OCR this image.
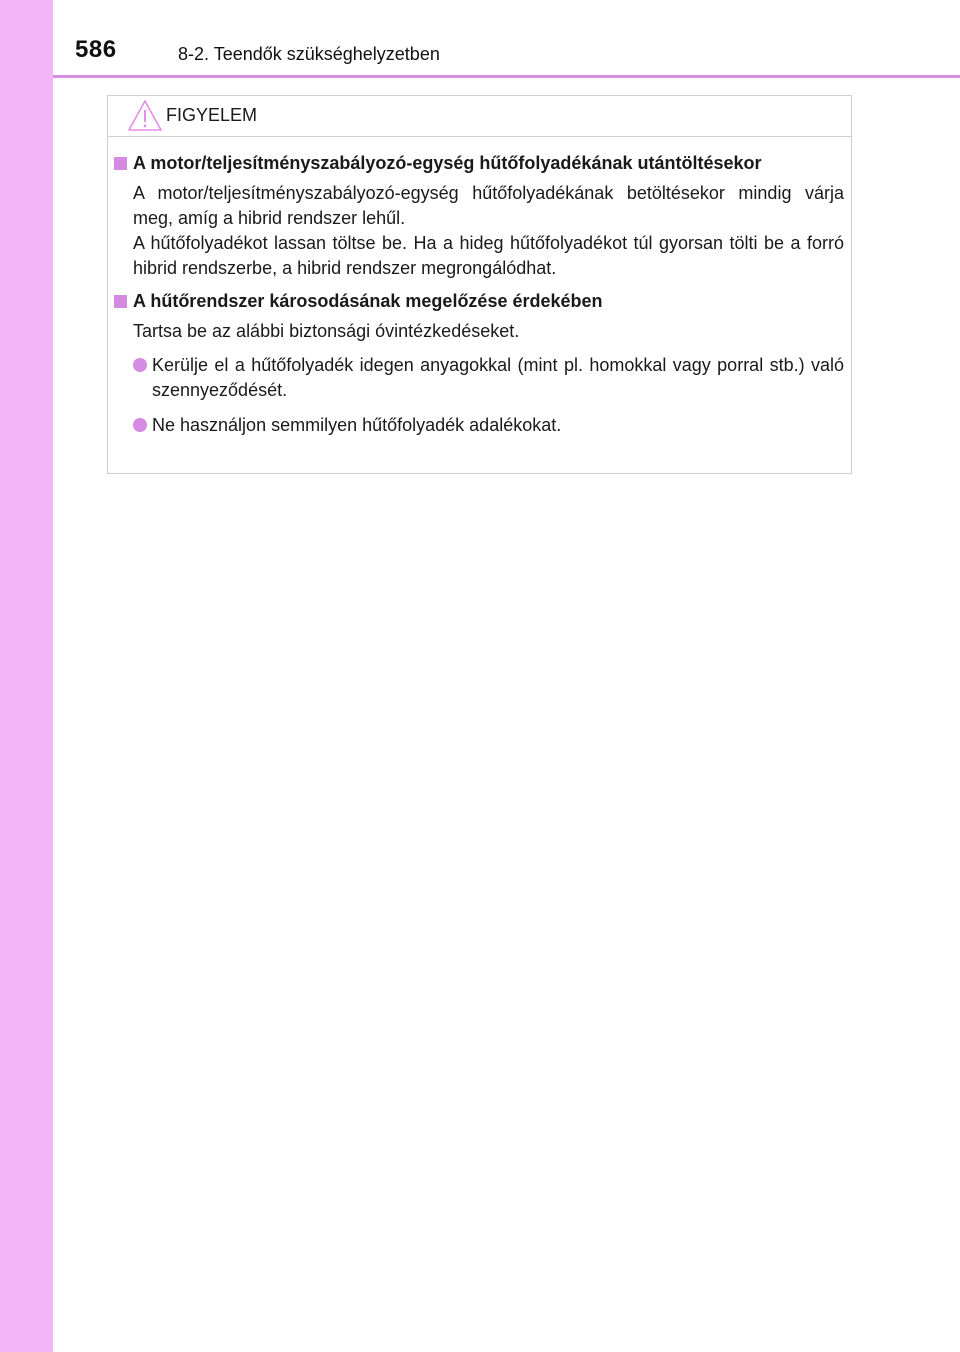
586	8-2. Teendők szükséghelyzetben
FIGYELEM
A motor/teljesítményszabályozó-egység hűtőfolyadékának utántöltésekor
A motor/teljesítményszabályozó-egység hűtőfolyadékának betöltésekor mindig várja meg, amíg a hibrid rendszer lehűl.
A hűtőfolyadékot lassan töltse be. Ha a hideg hűtőfolyadékot túl gyorsan tölti be a forró hibrid rendszerbe, a hibrid rendszer megrongálódhat.
A hűtőrendszer károsodásának megelőzése érdekében
Tartsa be az alábbi biztonsági óvintézkedéseket.
Kerülje el a hűtőfolyadék idegen anyagokkal (mint pl. homokkal vagy porral stb.) való szennyeződését.
Ne használjon semmilyen hűtőfolyadék adalékokat.
